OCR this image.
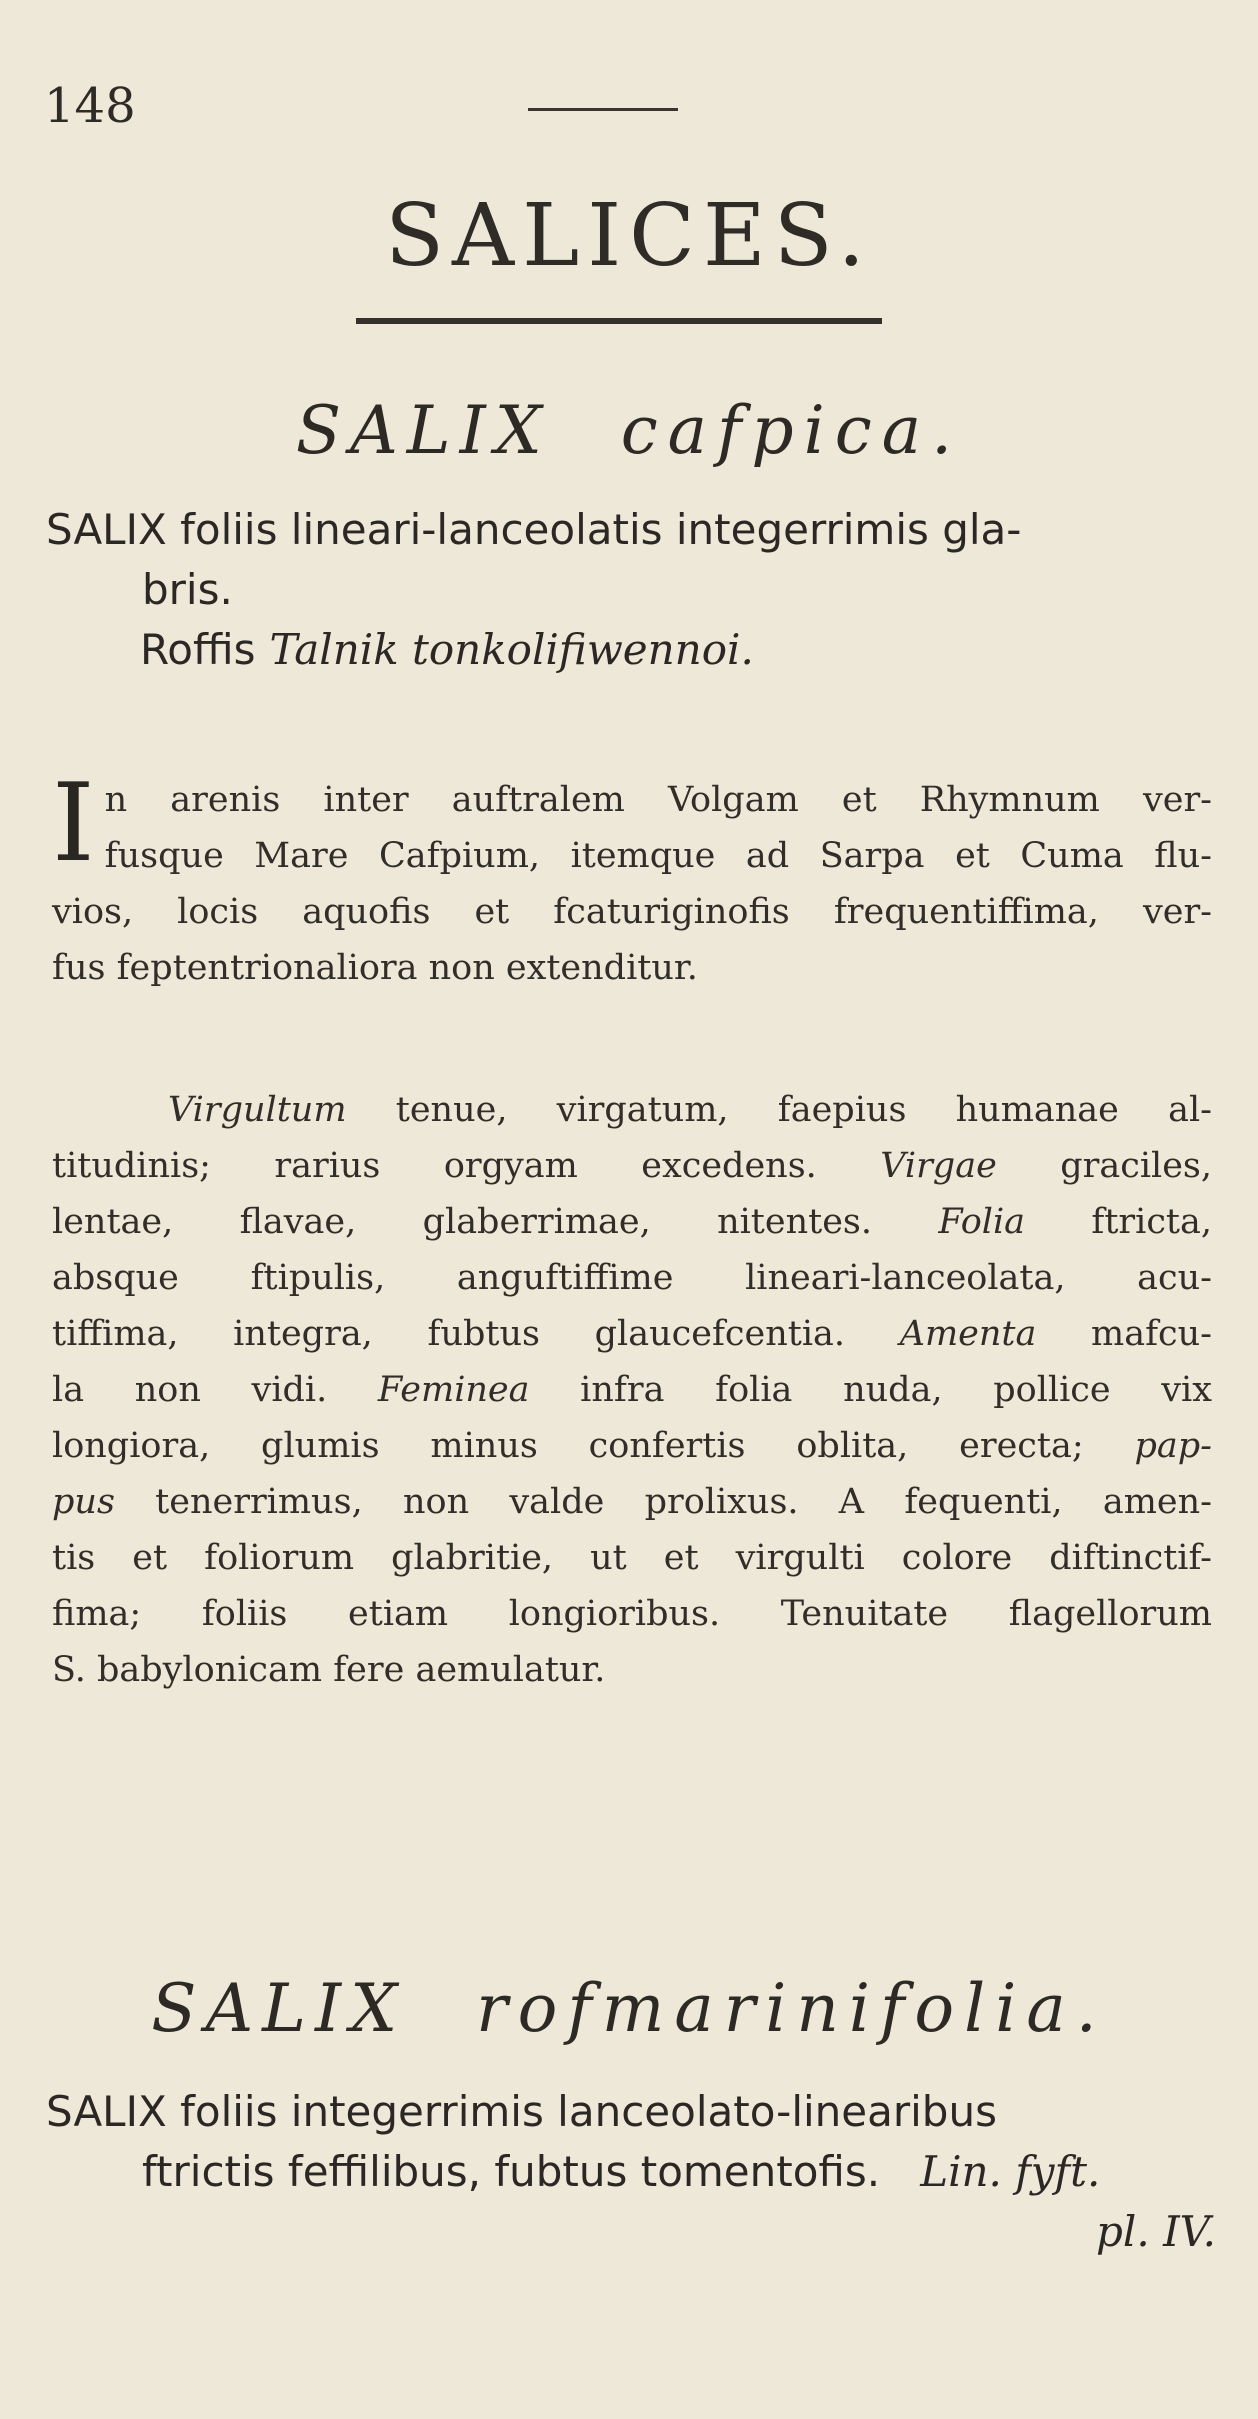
148
SALICES.
SALIX cafpica.
SALIX foliis lineari-lanceolatis integerrimis gla-
bris.
Roffis Talnik tonkolifiwennoi.
I n arenis inter auftralem Volgam et Rhymnum ver-
fusque Mare Cafpium, itemque ad Sarpa et Cuma flu-
vios, locis aquofis et fcaturiginofis frequentiffima, ver-
fus feptentrionaliora non extenditur.
Virgultum tenue, virgatum, faepius humanae al-
titudinis; rarius orgyam excedens. Virgae graciles,
lentae, flavae, glaberrimae, nitentes. Folia ftricta,
absque ftipulis, anguftiffime lineari-lanceolata, acu-
tiffima, integra, fubtus glaucefcentia. Amenta mafcu-
la non vidi. Feminea infra folia nuda, pollice vix
longiora, glumis minus confertis oblita, erecta; pap-
pus tenerrimus, non valde prolixus. A fequenti, amen-
tis et foliorum glabritie, ut et virgulti colore diftinctif-
fima; foliis etiam longioribus. Tenuitate flagellorum
S. babylonicam fere aemulatur.
SALIX rofmarinifolia.
SALIX foliis integerrimis lanceolato-linearibus
ftrictis feffilibus, fubtus tomentofis. Lin. fyft.
pl. IV.
